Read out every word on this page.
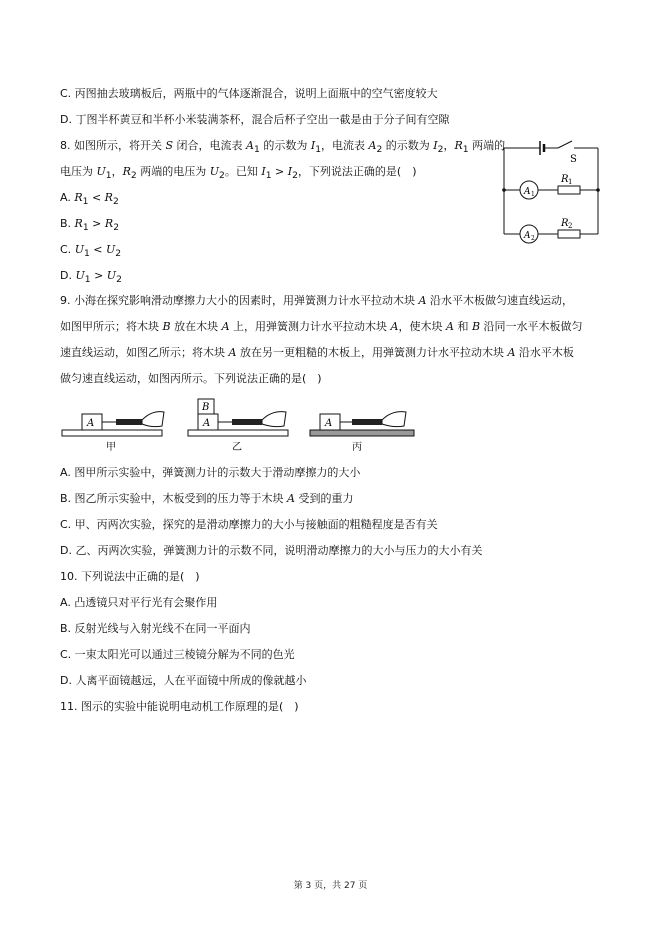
C. 丙图抽去玻璃板后，两瓶中的气体逐渐混合，说明上面瓶中的空气密度较大
D. 丁图半杯黄豆和半杯小米装满茶杯，混合后杯子空出一截是由于分子间有空隙
8. 如图所示，将开关 S 闭合，电流表 $A_1$ 的示数为 $I_1$，电流表 $A_2$ 的示数为 $I_2$，$R_1$ 两端的
电压为 $U_1$，$R_2$ 两端的电压为 $U_2$。已知 $I_1 > I_2$，下列说法正确的是(　)
A. $R_1 < R_2$
B. $R_1 > R_2$
C. $U_1 < U_2$
D. $U_1 > U_2$
S
A 1
A 2
R 1
R 2
9. 小海在探究影响滑动摩擦力大小的因素时，用弹簧测力计水平拉动木块 A 沿水平木板做匀速直线运动，
如图甲所示；将木块 B 放在木块 A 上，用弹簧测力计水平拉动木块 A，使木块 A 和 B 沿同一水平木板做匀
速直线运动，如图乙所示；将木块 A 放在另一更粗糙的木板上，用弹簧测力计水平拉动木块 A 沿水平木板
做匀速直线运动，如图丙所示。下列说法正确的是(　)
A
甲
A
B
乙
A
丙
A. 图甲所示实验中，弹簧测力计的示数大于滑动摩擦力的大小
B. 图乙所示实验中，木板受到的压力等于木块 A 受到的重力
C. 甲、丙两次实验，探究的是滑动摩擦力的大小与接触面的粗糙程度是否有关
D. 乙、丙两次实验，弹簧测力计的示数不同，说明滑动摩擦力的大小与压力的大小有关
10. 下列说法中正确的是(　)
A. 凸透镜只对平行光有会聚作用
B. 反射光线与入射光线不在同一平面内
C. 一束太阳光可以通过三棱镜分解为不同的色光
D. 人离平面镜越远，人在平面镜中所成的像就越小
11. 图示的实验中能说明电动机工作原理的是(　)
第 3 页，共 27 页
